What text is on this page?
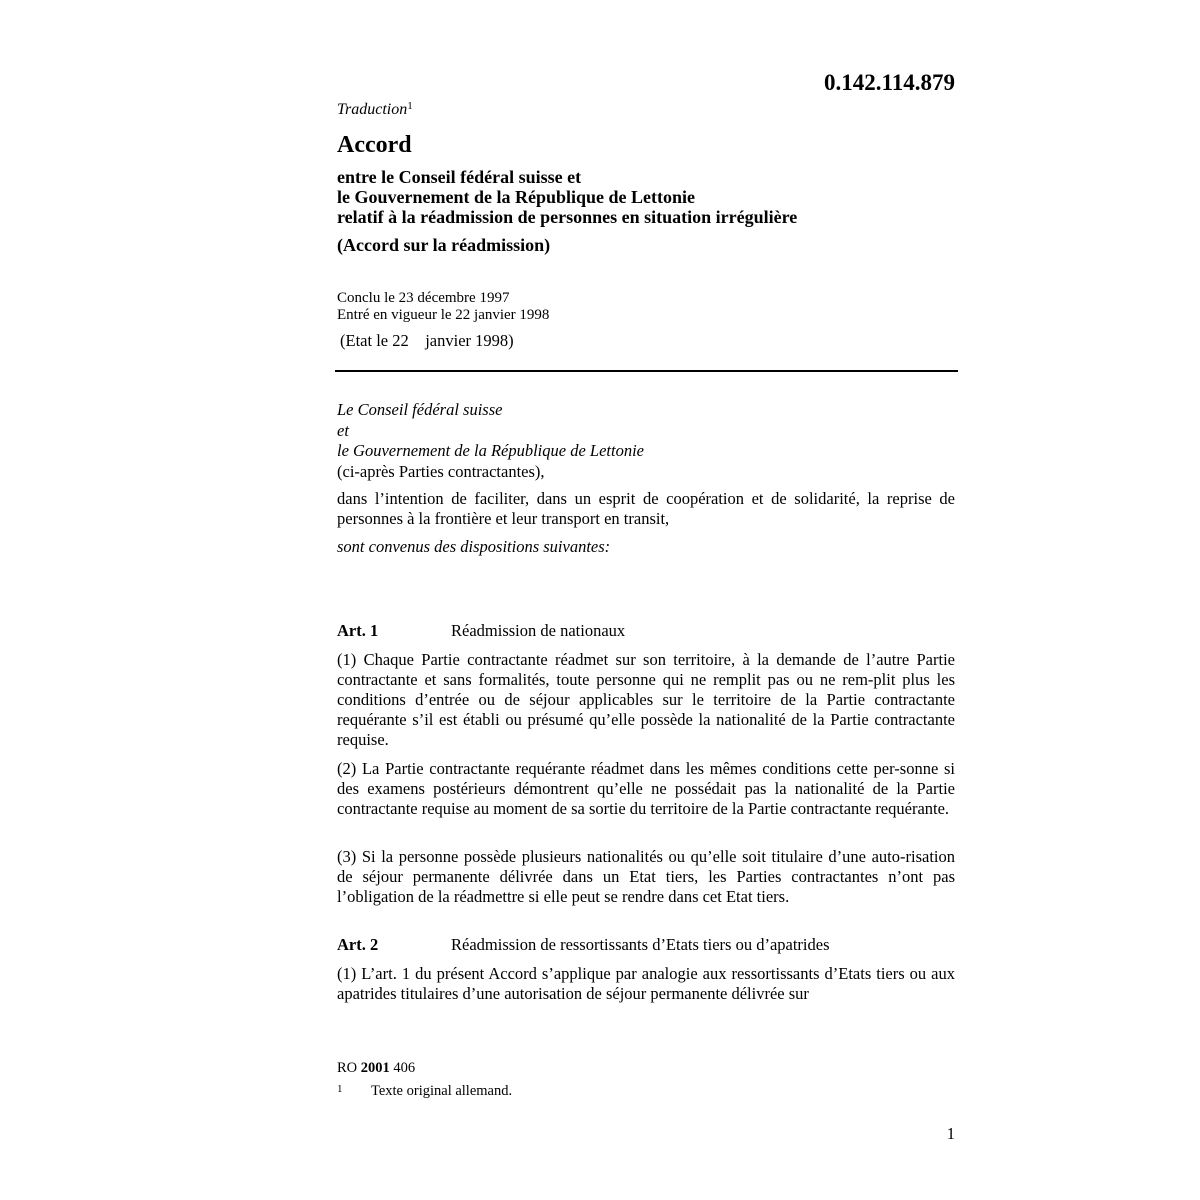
0.142.114.879
Traduction$^1$
Accord
entre le Conseil fédéral suisse et
le Gouvernement de la République de Lettonie
relatif à la réadmission de personnes en situation irrégulière
(Accord sur la réadmission)
Conclu le 23 décembre 1997
Entré en vigueur le 22 janvier 1998
(Etat le 22    janvier 1998)
Le Conseil fédéral suisse
et
le Gouvernement de la République de Lettonie
(ci-après Parties contractantes),
dans l’intention de faciliter, dans un esprit de coopération et de solidarité, la reprise de personnes à la frontière et leur transport en transit,
sont convenus des dispositions suivantes:
Art. 1	Réadmission de nationaux
(1) Chaque Partie contractante réadmet sur son territoire, à la demande de l’autre Partie contractante et sans formalités, toute personne qui ne remplit pas ou ne rem-plit plus les conditions d’entrée ou de séjour applicables sur le territoire de la Partie contractante requérante s’il est établi ou présumé qu’elle possède la nationalité de la Partie contractante requise.
(2) La Partie contractante requérante réadmet dans les mêmes conditions cette per-sonne si des examens postérieurs démontrent qu’elle ne possédait pas la nationalité de la Partie contractante requise au moment de sa sortie du territoire de la Partie contractante requérante.
(3) Si la personne possède plusieurs nationalités ou qu’elle soit titulaire d’une auto-risation de séjour permanente délivrée dans un Etat tiers, les Parties contractantes n’ont pas l’obligation de la réadmettre si elle peut se rendre dans cet Etat tiers.
Art. 2	Réadmission de ressortissants d’Etats tiers ou d’apatrides
(1) L’art. 1 du présent Accord s’applique par analogie aux ressortissants d’Etats tiers ou aux apatrides titulaires d’une autorisation de séjour permanente délivrée sur
RO 2001 406
1 Texte original allemand.
1
